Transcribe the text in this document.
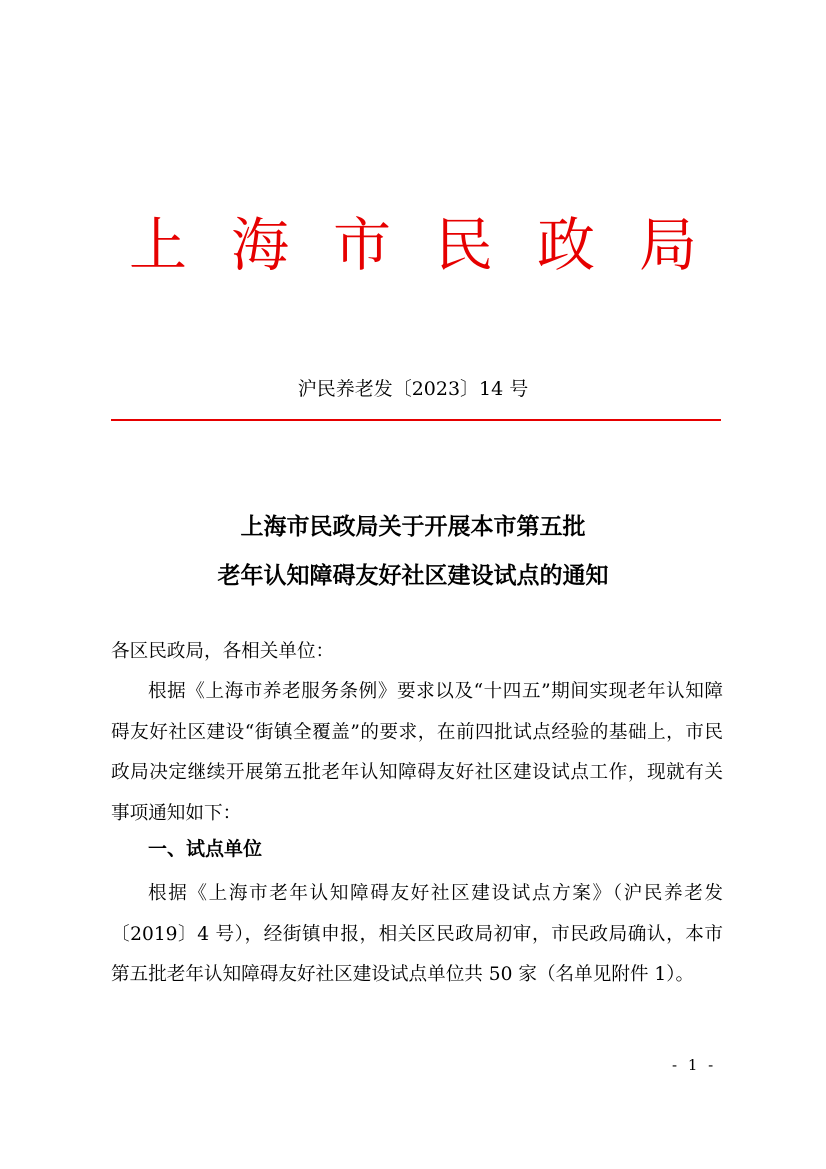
上 海 市 民 政 局
沪民养老发〔2023〕14 号
上海市民政局关于开展本市第五批
老年认知障碍友好社区建设试点的通知
各区民政局，各相关单位：
根据《上海市养老服务条例》要求以及“十四五”期间实现老年认知障碍友好社区建设“街镇全覆盖”的要求，在前四批试点经验的基础上，市民政局决定继续开展第五批老年认知障碍友好社区建设试点工作，现就有关事项通知如下：
一、试点单位
根据《上海市老年认知障碍友好社区建设试点方案》（沪民养老发〔2019〕4 号），经街镇申报，相关区民政局初审，市民政局确认，本市第五批老年认知障碍友好社区建设试点单位共 50 家（名单见附件 1）。
- 1 -
